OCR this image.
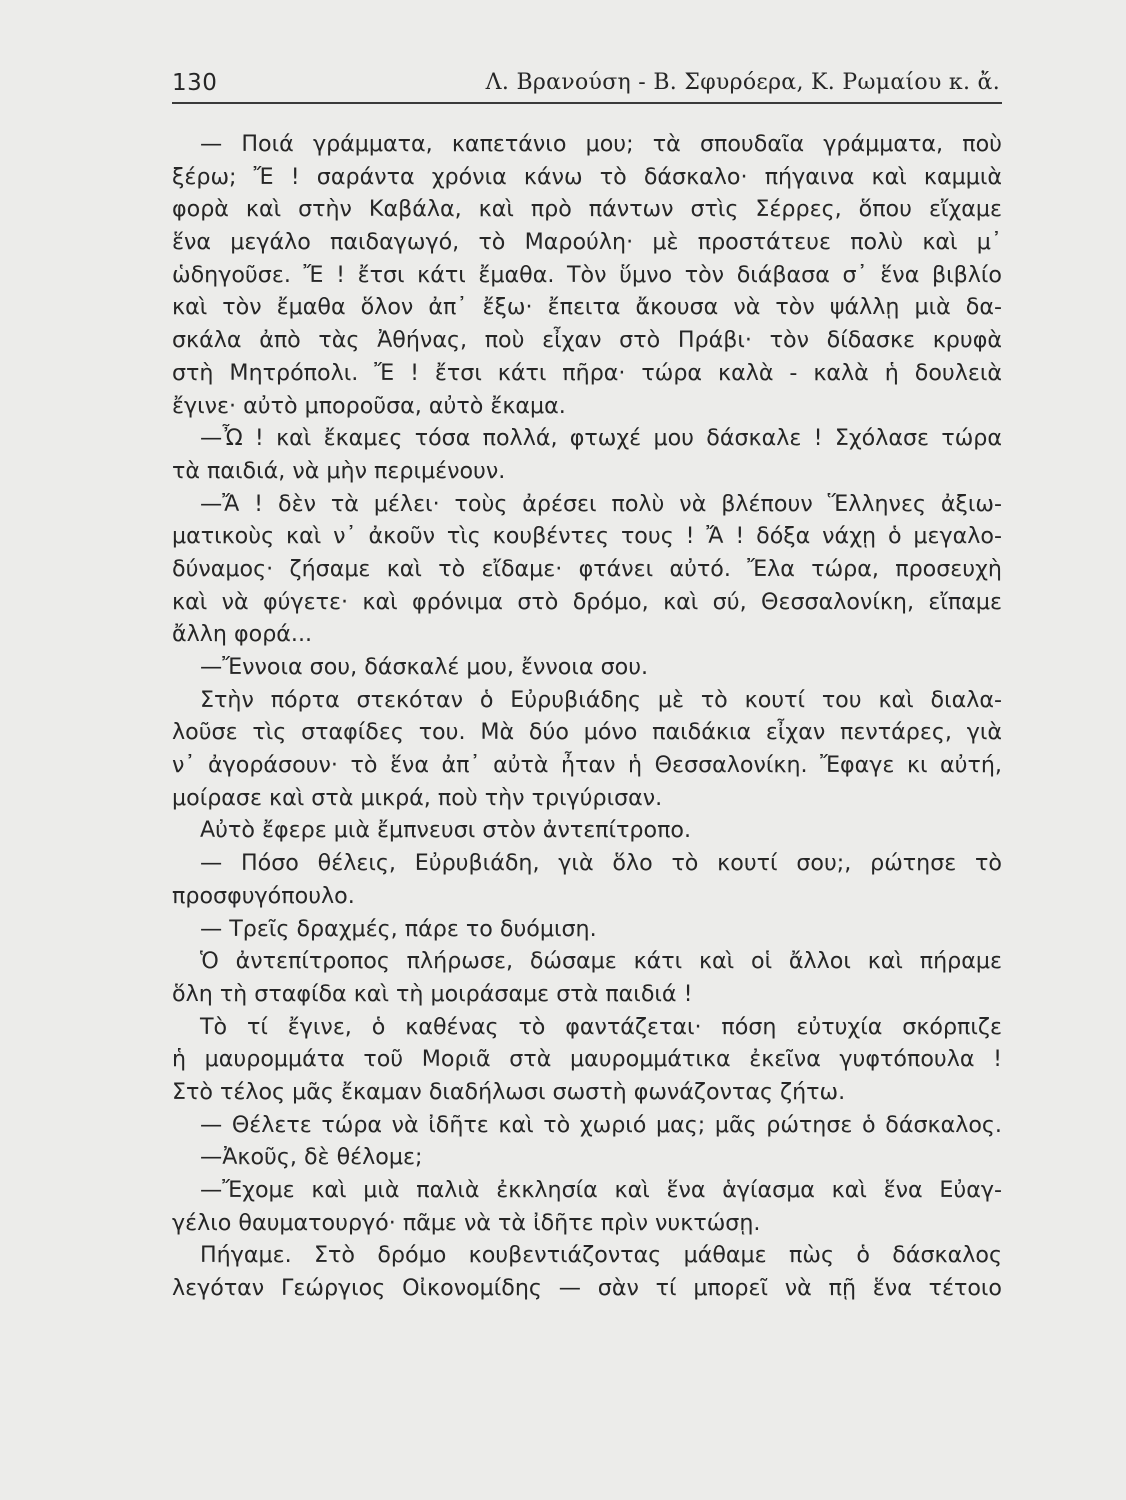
130	Λ. Βρανούση - Β. Σφυρόερα, Κ. Ρωμαίου κ. ἄ.
— Ποιά γράμματα, καπετάνιο μου; τὰ σπουδαῖα γράμματα, ποὺ
ξέρω; Ἔ ! σαράντα χρόνια κάνω τὸ δάσκαλο· πήγαινα καὶ καμμιὰ
φορὰ καὶ στὴν Καβάλα, καὶ πρὸ πάντων στὶς Σέρρες, ὅπου εἴχαμε
ἕνα μεγάλο παιδαγωγό, τὸ Μαρούλη· μὲ προστάτευε πολὺ καὶ μ᾽
ὡδηγοῦσε. Ἔ ! ἔτσι κάτι ἔμαθα. Τὸν ὕμνο τὸν διάβασα σ᾽ ἕνα βιβλίο
καὶ τὸν ἔμαθα ὅλον ἀπ᾽ ἔξω· ἔπειτα ἄκουσα νὰ τὸν ψάλλῃ μιὰ δα-
σκάλα ἀπὸ τὰς Ἀθήνας, ποὺ εἶχαν στὸ Πράβι· τὸν δίδασκε κρυφὰ
στὴ Μητρόπολι. Ἔ ! ἔτσι κάτι πῆρα· τώρα καλὰ - καλὰ ἡ δουλειὰ
ἔγινε· αὐτὸ μποροῦσα, αὐτὸ ἔκαμα.
—Ὦ ! καὶ ἔκαμες τόσα πολλά, φτωχέ μου δάσκαλε ! Σχόλασε τώρα
τὰ παιδιά, νὰ μὴν περιμένουν.
—Ἄ ! δὲν τὰ μέλει· τοὺς ἀρέσει πολὺ νὰ βλέπουν Ἕλληνες ἀξιω-
ματικοὺς καὶ ν᾽ ἀκοῦν τὶς κουβέντες τους ! Ἄ ! δόξα νάχῃ ὁ μεγαλο-
δύναμος· ζήσαμε καὶ τὸ εἴδαμε· φτάνει αὐτό. Ἔλα τώρα, προσευχὴ
καὶ νὰ φύγετε· καὶ φρόνιμα στὸ δρόμο, καὶ σύ, Θεσσαλονίκη, εἴπαμε
ἄλλη φορά...
—Ἔννοια σου, δάσκαλέ μου, ἔννοια σου.
Στὴν πόρτα στεκόταν ὁ Εὐρυβιάδης μὲ τὸ κουτί του καὶ διαλα-
λοῦσε τὶς σταφίδες του. Μὰ δύο μόνο παιδάκια εἶχαν πεντάρες, γιὰ
ν᾽ ἀγοράσουν· τὸ ἕνα ἀπ᾽ αὐτὰ ἦταν ἡ Θεσσαλονίκη. Ἔφαγε κι αὐτή,
μοίρασε καὶ στὰ μικρά, ποὺ τὴν τριγύρισαν.
Αὐτὸ ἔφερε μιὰ ἔμπνευσι στὸν ἀντεπίτροπο.
— Πόσο θέλεις, Εὐρυβιάδη, γιὰ ὅλο τὸ κουτί σου;, ρώτησε τὸ
προσφυγόπουλο.
— Τρεῖς δραχμές, πάρε το δυόμιση.
Ὁ ἀντεπίτροπος πλήρωσε, δώσαμε κάτι καὶ οἱ ἄλλοι καὶ πήραμε
ὅλη τὴ σταφίδα καὶ τὴ μοιράσαμε στὰ παιδιά !
Τὸ τί ἔγινε, ὁ καθένας τὸ φαντάζεται· πόση εὐτυχία σκόρπιζε
ἡ μαυρομμάτα τοῦ Μοριᾶ στὰ μαυρομμάτικα ἐκεῖνα γυφτόπουλα !
Στὸ τέλος μᾶς ἔκαμαν διαδήλωσι σωστὴ φωνάζοντας ζήτω.
— Θέλετε τώρα νὰ ἰδῆτε καὶ τὸ χωριό μας; μᾶς ρώτησε ὁ δάσκαλος.
—Ἀκοῦς, δὲ θέλομε;
—Ἔχομε καὶ μιὰ παλιὰ ἐκκλησία καὶ ἕνα ἁγίασμα καὶ ἕνα Εὐαγ-
γέλιο θαυματουργό· πᾶμε νὰ τὰ ἰδῆτε πρὶν νυκτώσῃ.
Πήγαμε. Στὸ δρόμο κουβεντιάζοντας μάθαμε πὼς ὁ δάσκαλος
λεγόταν Γεώργιος Οἰκονομίδης — σὰν τί μπορεῖ νὰ πῇ ἕνα τέτοιο
